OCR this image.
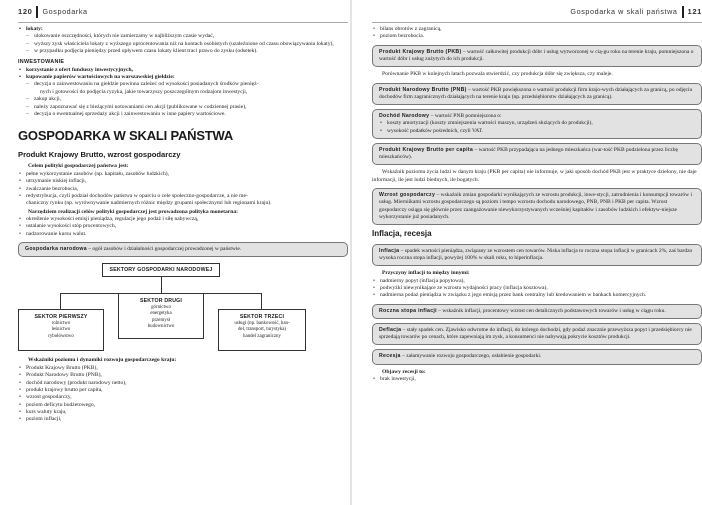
120 Gospodarka
• lokaty:
– ulokowanie oszczędności, których nie zamierzamy w najbliższym czasie wydać,
– wyższy zysk właściciela lokaty z wyższego oprocentowania niż na kontach osobistych (uzależnione od czasu obowiązywania lokaty),
– w przypadku podjęcia pieniędzy przed upływem czasu lokaty klient traci prawo do zysku (odsetek).
INWESTOWANIE
• korzystanie z ofert funduszy inwestycyjnych,
• kupowanie papierów wartościowych na warszawskiej giełdzie:
– decyzja o zainwestowaniu na giełdzie powinna zależeć od wysokości posiadanych środków pienięż-
nych i gotowości do podjęcia ryzyka, jakie towarzyszy poszczególnym rodzajom inwestycji,
– zakup akcji,
– należy zapoznawać się z bieżącymi notowaniami cen akcji (publikowane w codziennej prasie),
– decyzja o ewentualnej sprzedaży akcji i zainwestowaniu w inne papiery wartościowe.
GOSPODARKA W SKALI PAŃSTWA
Produkt Krajowy Brutto, wzrost gospodarczy
Celem polityki gospodarczej państwa jest:
• pełne wykorzystanie zasobów (np. kapitału, zasobów ludzkich),
• utrzymanie niskiej inflacji,
• zwalczanie bezrobocia,
• redystrybucja, czyli podział dochodów państwa w oparciu o cele społeczno-gospodarcze, a nie me-
chaniczny rynku (np. wyrównywanie nadmiernych różnic między grupami społecznymi lub regionami kraju).
Narzędziem realizacji celów polityki gospodarczej jest prowadzona polityka monetarna:
• określenie wysokości emisji pieniądza, regulacje jego podaż i siłę nabywczą,
• ustalanie wysokości stóp procentowych,
• nadzorowanie kursu walut.
Gospodarka narodowa – ogół zasobów i działalności gospodarczej prowadzonej w państwie.
SEKTORY GOSPODARKI NARODOWEJ
SEKTOR PIERWSZY
rolnictwo
leśnictwo
rybołówstwo
SEKTOR DRUGI
górnictwo
energetyka
przemysł
budownictwo
SEKTOR TRZECI
usługi (np. bankowość, han-
del, transport, turystyka)
handel zagraniczny
Wskaźniki poziomu i dynamiki rozwoju gospodarczego kraju:
• Produkt Krajowy Brutto (PKB),
• Produkt Narodowy Brutto (PNB),
• dochód narodowy (produkt narodowy netto),
• produkt krajowy brutto per capita,
• wzrost gospodarczy,
• poziom deficytu budżetowego,
• kurs waluty kraju,
• poziom inflacji,
Gospodarka w skali państwa 121
• bilans obrotów z zagranicą,
• poziom bezrobocia.
Produkt Krajowy Brutto (PKB) – wartość całkowitej produkcji dóbr i usług wytworzonej w cią-gu roku na terenie kraju, pomniejszona o wartość dóbr i usług zużytych do ich produkcji.
Porównanie PKB w kolejnych latach pozwala stwierdzić, czy produkcja dóbr się zwiększa, czy maleje.
Produkt Narodowy Brutto (PNB) – wartość PKB powiększona o wartość produkcji firm krajo-wych działających za granicą, po odjęciu dochodów firm zagranicznych działających na terenie kraju (np. przedsiębiorstw działających za granicą).
Dochód Narodowy – wartość PNB pomniejszona o:
• koszty amortyzacji (koszty zmniejszenia wartości maszyn, urządzeń służących do produkcji),
• wysokość podatków pośrednich, czyli VAT.
Produkt Krajowy Brutto per capita – wartość PKB przypadająca na jednego mieszkańca (war-tość PKB podzielona przez liczbę mieszkańców).
Wskaźnik poziomu życia ludzi w danym kraju (PKB per capita) nie informuje, w jaki sposób dochód PKB jest w praktyce dzielony, nie daje informacji, ile jest ludzi biednych, ile bogatych.
Wzrost gospodarczy – wskaźnik zmian gospodarki wynikających ze wzrostu produkcji, inwe-stycji, zatrudnienia i konsumpcji towarów i usług. Mierniikami wzrostu gospodarczego są poziom i tempo wzrostu dochodu narodowego, PNB, PNB i PKB per capita. Wzrost gospodarczy osiąga się głównie przez zaangażowanie niewykorzystywanych wcześniej kapitałów i zasobów ludzkich i efektyw-niejsze wykorzystanie już posiadanych.
Inflacja, recesja
Inflacja – spadek wartości pieniądza, związany ze wzrostem cen towarów. Niska inflacja to roczna stopa inflacji w granicach 2%, zaś bardzo wysoka roczna stopa inflacji, powyżej 100% w skali roku, to hiperinflacja.
Przyczyny inflacji to między innymi:
• nadmierny popyt (inflacja popytowa),
• podwyżki niewynikające ze wzrostu wydajności pracy (inflacja kosztowa),
• nadmierna podaż pieniądza w związku z jego emisją przez bank centralny lub kredowaniem w bankach komercyjnych.
Roczna stopa inflacji – wskaźnik inflacji, procentowy wzrost cen detalicznych podstawowych towarów i usług w ciągu roku.
Deflacja – stały spadek cen. Zjawisko odwrotne do inflacji, do którego dochodzi, gdy podaż znacznie przewyższa popyt i przedsiębiorcy nie sprzedają towarów po cenach, które zapewniają im zysk, a konsumenci nie nabywają pokrycie kosztów produkcji.
Recesja – załamywanie rozwoju gospodarczego, osłabienie gospodarki.
Objawy recesji to:
• brak inwestycji,
